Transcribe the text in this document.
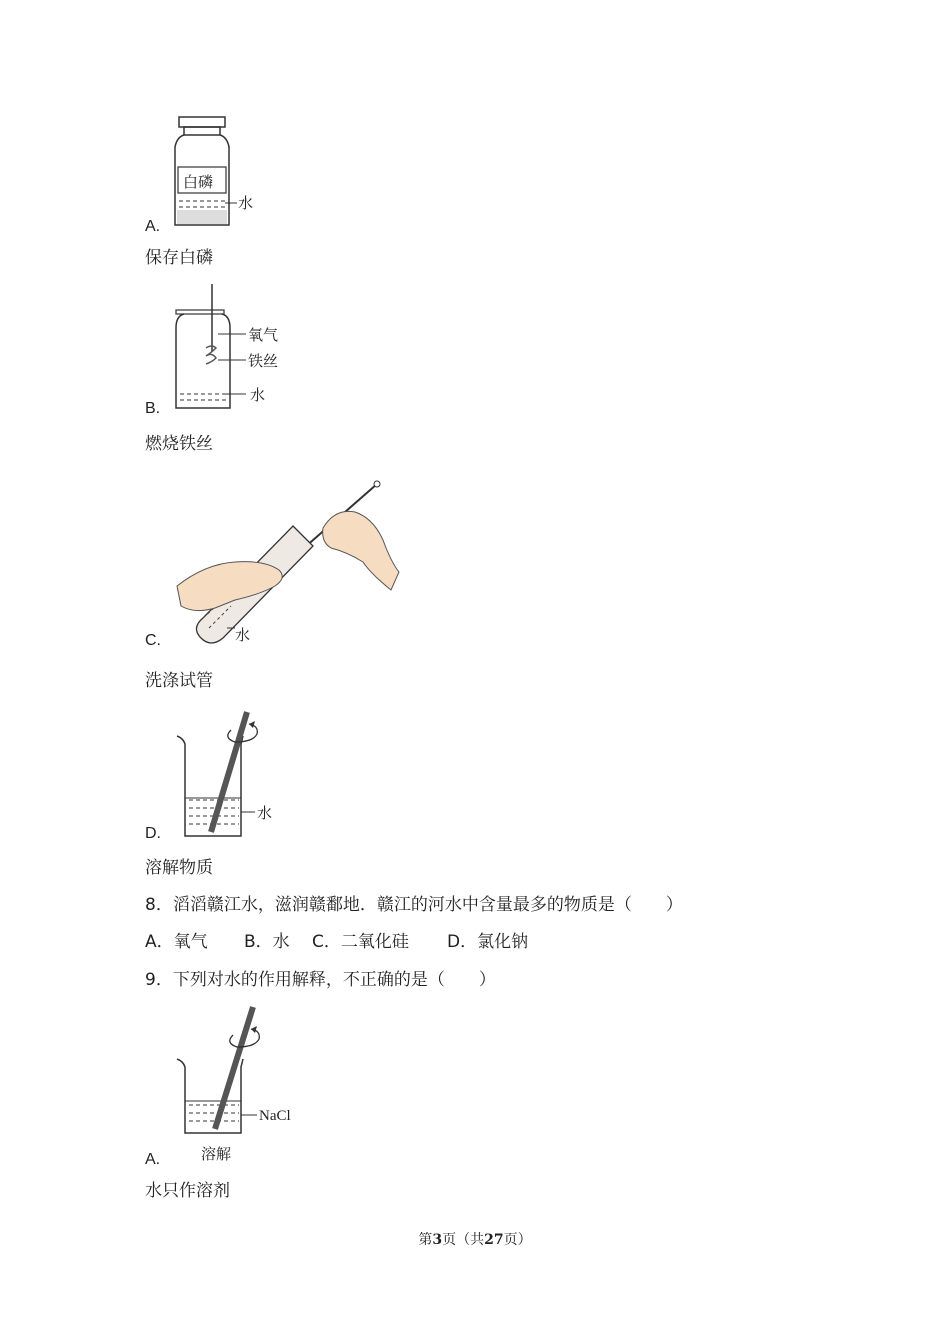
白磷
水
A.
保存白磷
氧气
铁丝
水
B.
燃烧铁丝
水
C.
洗涤试管
水
D.
溶解物质
8．滔滔赣江水，滋润赣鄱地．赣江的河水中含量最多的物质是（　　）
A．氧气 B．水 C．二氧化硅 D．氯化钠
9．下列对水的作用解释，不正确的是（　　）
NaCl
溶解
A.
水只作溶剂
第3页（共27页）
